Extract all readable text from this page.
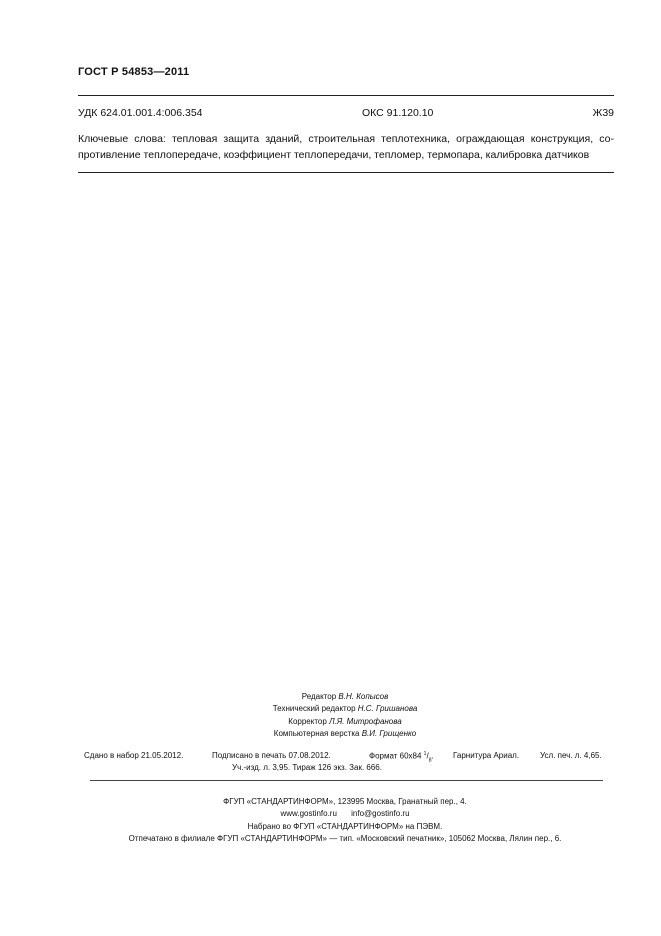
ГОСТ Р 54853—2011
УДК 624.01.001.4:006.354	ОКС 91.120.10	Ж39
Ключевые слова: тепловая защита зданий, строительная теплотехника, ограждающая конструкция, со-
противление теплопередаче, коэффициент теплопередачи, тепломер, термопара, калибровка датчиков
Редактор В.Н. Копысов
Технический редактор Н.С. Гришанова
Корректор Л.Я. Митрофанова
Компьютерная верстка В.И. Грищенко
Сдано в набор 21.05.2012.	Подписано в печать 07.08.2012.	Формат 60х84 $^1/_8$. Гарнитура Ариал.	Усл. печ. л. 4,65.
Уч.-изд. л. 3,95. Тираж 126 экз. Зак. 666.
ФГУП «СТАНДАРТИНФОРМ», 123995 Москва, Гранатный пер., 4.
www.gostinfo.ru info@gostinfo.ru
Набрано во ФГУП «СТАНДАРТИНФОРМ» на ПЭВМ.
Отпечатано в филиале ФГУП «СТАНДАРТИНФОРМ» — тип. «Московский печатник», 105062 Москва, Лялин пер., 6.
